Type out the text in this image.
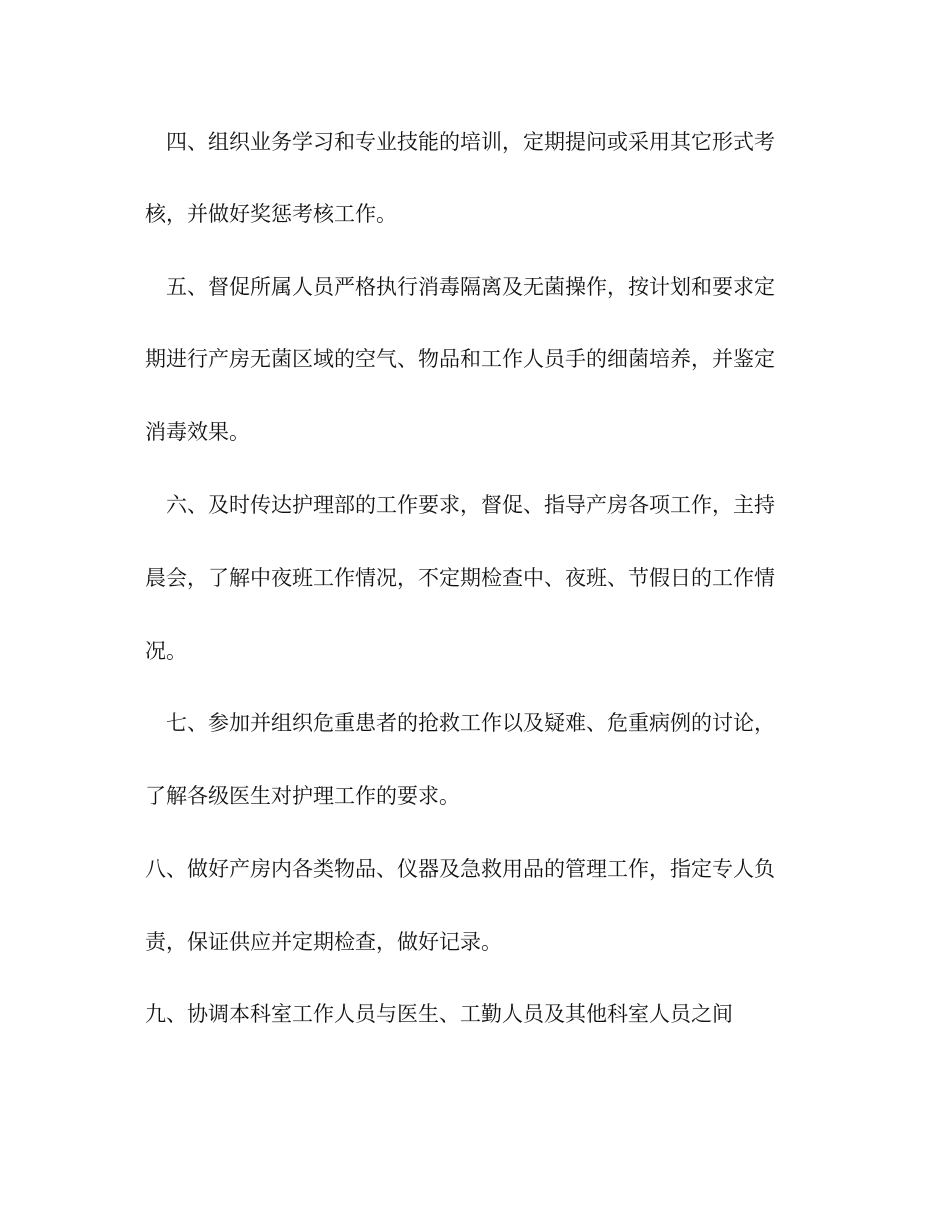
四、组织业务学习和专业技能的培训，定期提问或采用其它形式考

核，并做好奖惩考核工作。

五、督促所属人员严格执行消毒隔离及无菌操作，按计划和要求定

期进行产房无菌区域的空气、物品和工作人员手的细菌培养，并鉴定

消毒效果。

六、及时传达护理部的工作要求，督促、指导产房各项工作，主持

晨会，了解中夜班工作情况，不定期检查中、夜班、节假日的工作情

况。

七、参加并组织危重患者的抢救工作以及疑难、危重病例的讨论，

了解各级医生对护理工作的要求。

八、做好产房内各类物品、仪器及急救用品的管理工作，指定专人负

责，保证供应并定期检查，做好记录。

九、协调本科室工作人员与医生、工勤人员及其他科室人员之间
